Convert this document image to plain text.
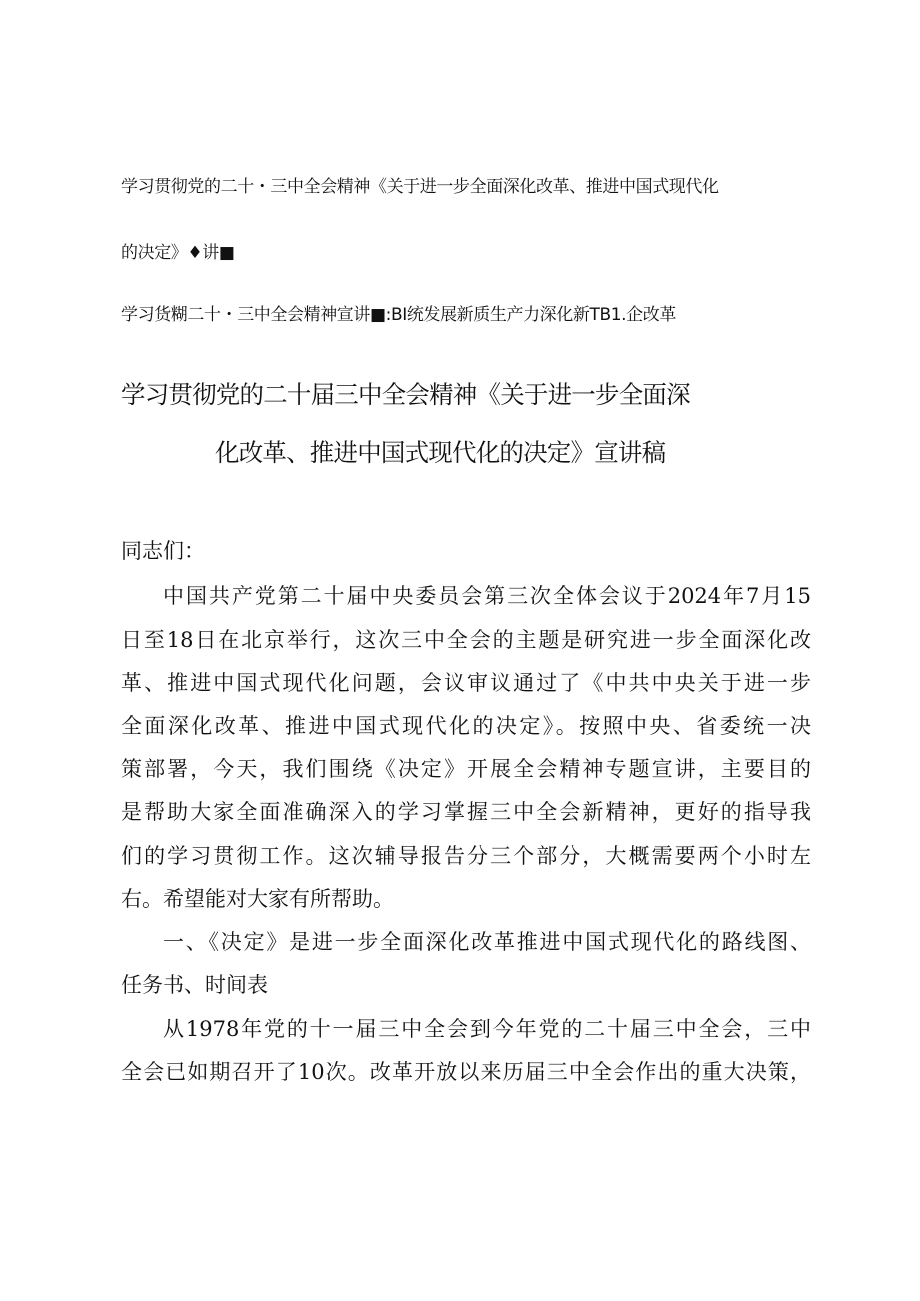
学习贯彻党的二十・三中全会精神《关于进一步全面深化改革、推进中国式现代化
的决定》♦讲■
学习货糊二十・三中全会精神宣讲■:BI统发展新质生产力深化新TB1.企改革
学习贯彻党的二十届三中全会精神《关于进一步全面深
化改革、推进中国式现代化的决定》宣讲稿
同志们：
中国共产党第二十届中央委员会第三次全体会议于2024年7月15
日至18日在北京举行，这次三中全会的主题是研究进一步全面深化改
革、推进中国式现代化问题，会议审议通过了《中共中央关于进一步
全面深化改革、推进中国式现代化的决定》。按照中央、省委统一决
策部署，今天，我们围绕《决定》开展全会精神专题宣讲，主要目的
是帮助大家全面准确深入的学习掌握三中全会新精神，更好的指导我
们的学习贯彻工作。这次辅导报告分三个部分，大概需要两个小时左
右。希望能对大家有所帮助。
一、《决定》是进一步全面深化改革推进中国式现代化的路线图、
任务书、时间表
从1978年党的十一届三中全会到今年党的二十届三中全会，三中
全会已如期召开了10次。改革开放以来历届三中全会作出的重大决策，
